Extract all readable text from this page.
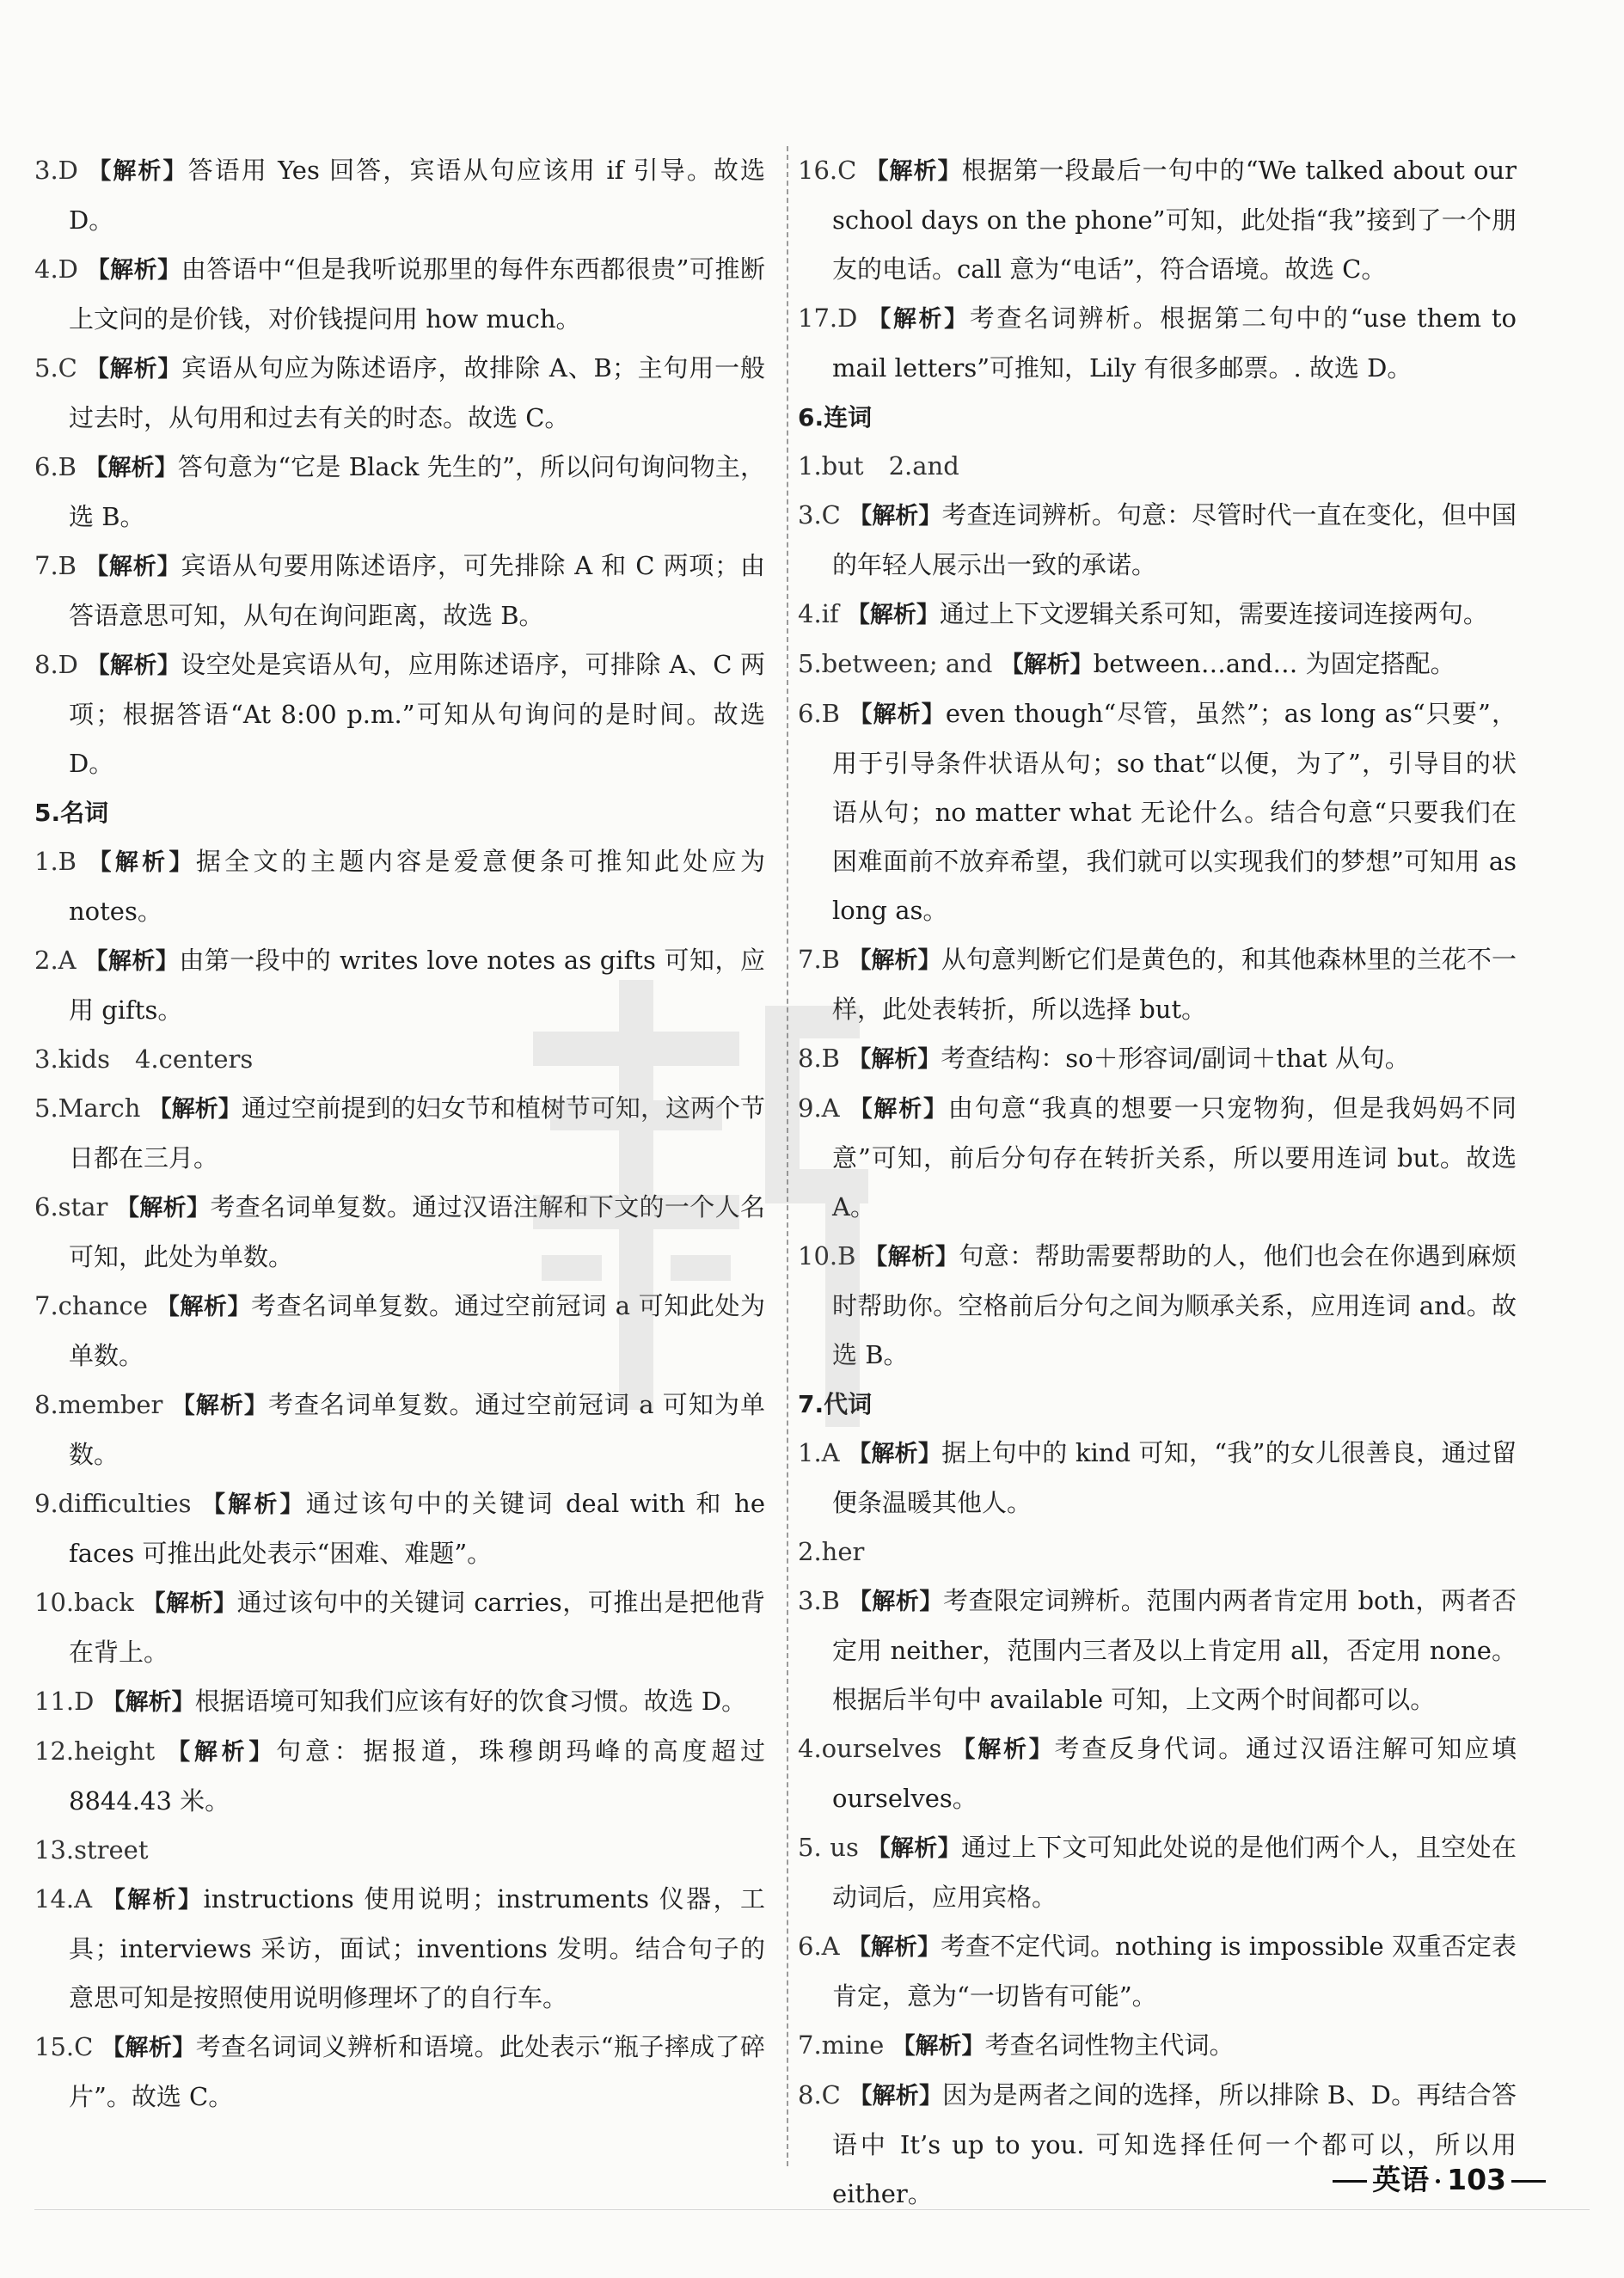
3.D 【解析】答语用 Yes 回答，宾语从句应该用 if 引导。故选 D。

4.D 【解析】由答语中“但是我听说那里的每件东西都很贵”可推断上文问的是价钱，对价钱提问用 how much。

5.C 【解析】宾语从句应为陈述语序，故排除 A、B；主句用一般过去时，从句用和过去有关的时态。故选 C。

6.B 【解析】答句意为“它是 Black 先生的”，所以问句询问物主，选 B。

7.B 【解析】宾语从句要用陈述语序，可先排除 A 和 C 两项；由答语意思可知，从句在询问距离，故选 B。

8.D 【解析】设空处是宾语从句，应用陈述语序，可排除 A、C 两项；根据答语“At 8:00 p.m.”可知从句询问的是时间。故选 D。

5.名词

1.B 【解析】据全文的主题内容是爱意便条可推知此处应为 notes。

2.A 【解析】由第一段中的 writes love notes as gifts 可知，应用 gifts。

3.kids　4.centers

5.March 【解析】通过空前提到的妇女节和植树节可知，这两个节日都在三月。

6.star 【解析】考查名词单复数。通过汉语注解和下文的一个人名可知，此处为单数。

7.chance 【解析】考查名词单复数。通过空前冠词 a 可知此处为单数。

8.member 【解析】考查名词单复数。通过空前冠词 a 可知为单数。

9.difficulties 【解析】通过该句中的关键词 deal with 和 he faces 可推出此处表示“困难、难题”。

10.back 【解析】通过该句中的关键词 carries，可推出是把他背在背上。

11.D 【解析】根据语境可知我们应该有好的饮食习惯。故选 D。

12.height 【解析】句意：据报道，珠穆朗玛峰的高度超过 8844.43 米。

13.street

14.A 【解析】instructions 使用说明；instruments 仪器，工具；interviews 采访，面试；inventions 发明。结合句子的意思可知是按照使用说明修理坏了的自行车。

15.C 【解析】考查名词词义辨析和语境。此处表示“瓶子摔成了碎片”。故选 C。

16.C 【解析】根据第一段最后一句中的“We talked about our school days on the phone”可知，此处指“我”接到了一个朋友的电话。call 意为“电话”，符合语境。故选 C。

17.D 【解析】考查名词辨析。根据第二句中的“use them to mail letters”可推知，Lily 有很多邮票。. 故选 D。

6.连词

1.but　2.and

3.C 【解析】考查连词辨析。句意：尽管时代一直在变化，但中国的年轻人展示出一致的承诺。

4.if 【解析】通过上下文逻辑关系可知，需要连接词连接两句。

5.between; and 【解析】between…and… 为固定搭配。

6.B 【解析】even though“尽管，虽然”；as long as“只要”，用于引导条件状语从句；so that“以便，为了”，引导目的状语从句；no matter what 无论什么。结合句意“只要我们在困难面前不放弃希望，我们就可以实现我们的梦想”可知用 as long as。

7.B 【解析】从句意判断它们是黄色的，和其他森林里的兰花不一样，此处表转折，所以选择 but。

8.B 【解析】考查结构：so＋形容词/副词＋that 从句。

9.A 【解析】由句意“我真的想要一只宠物狗，但是我妈妈不同意”可知，前后分句存在转折关系，所以要用连词 but。故选 A。

10.B 【解析】句意：帮助需要帮助的人，他们也会在你遇到麻烦时帮助你。空格前后分句之间为顺承关系，应用连词 and。故选 B。

7.代词

1.A 【解析】据上句中的 kind 可知，“我”的女儿很善良，通过留便条温暖其他人。

2.her

3.B 【解析】考查限定词辨析。范围内两者肯定用 both，两者否定用 neither，范围内三者及以上肯定用 all，否定用 none。根据后半句中 available 可知，上文两个时间都可以。

4.ourselves 【解析】考查反身代词。通过汉语注解可知应填 ourselves。

5. us 【解析】通过上下文可知此处说的是他们两个人，且空处在动词后，应用宾格。

6.A 【解析】考查不定代词。nothing is impossible 双重否定表肯定，意为“一切皆有可能”。

7.mine 【解析】考查名词性物主代词。

8.C 【解析】因为是两者之间的选择，所以排除 B、D。再结合答语中 It’s up to you. 可知选择任何一个都可以，所以用 either。	英语 103
